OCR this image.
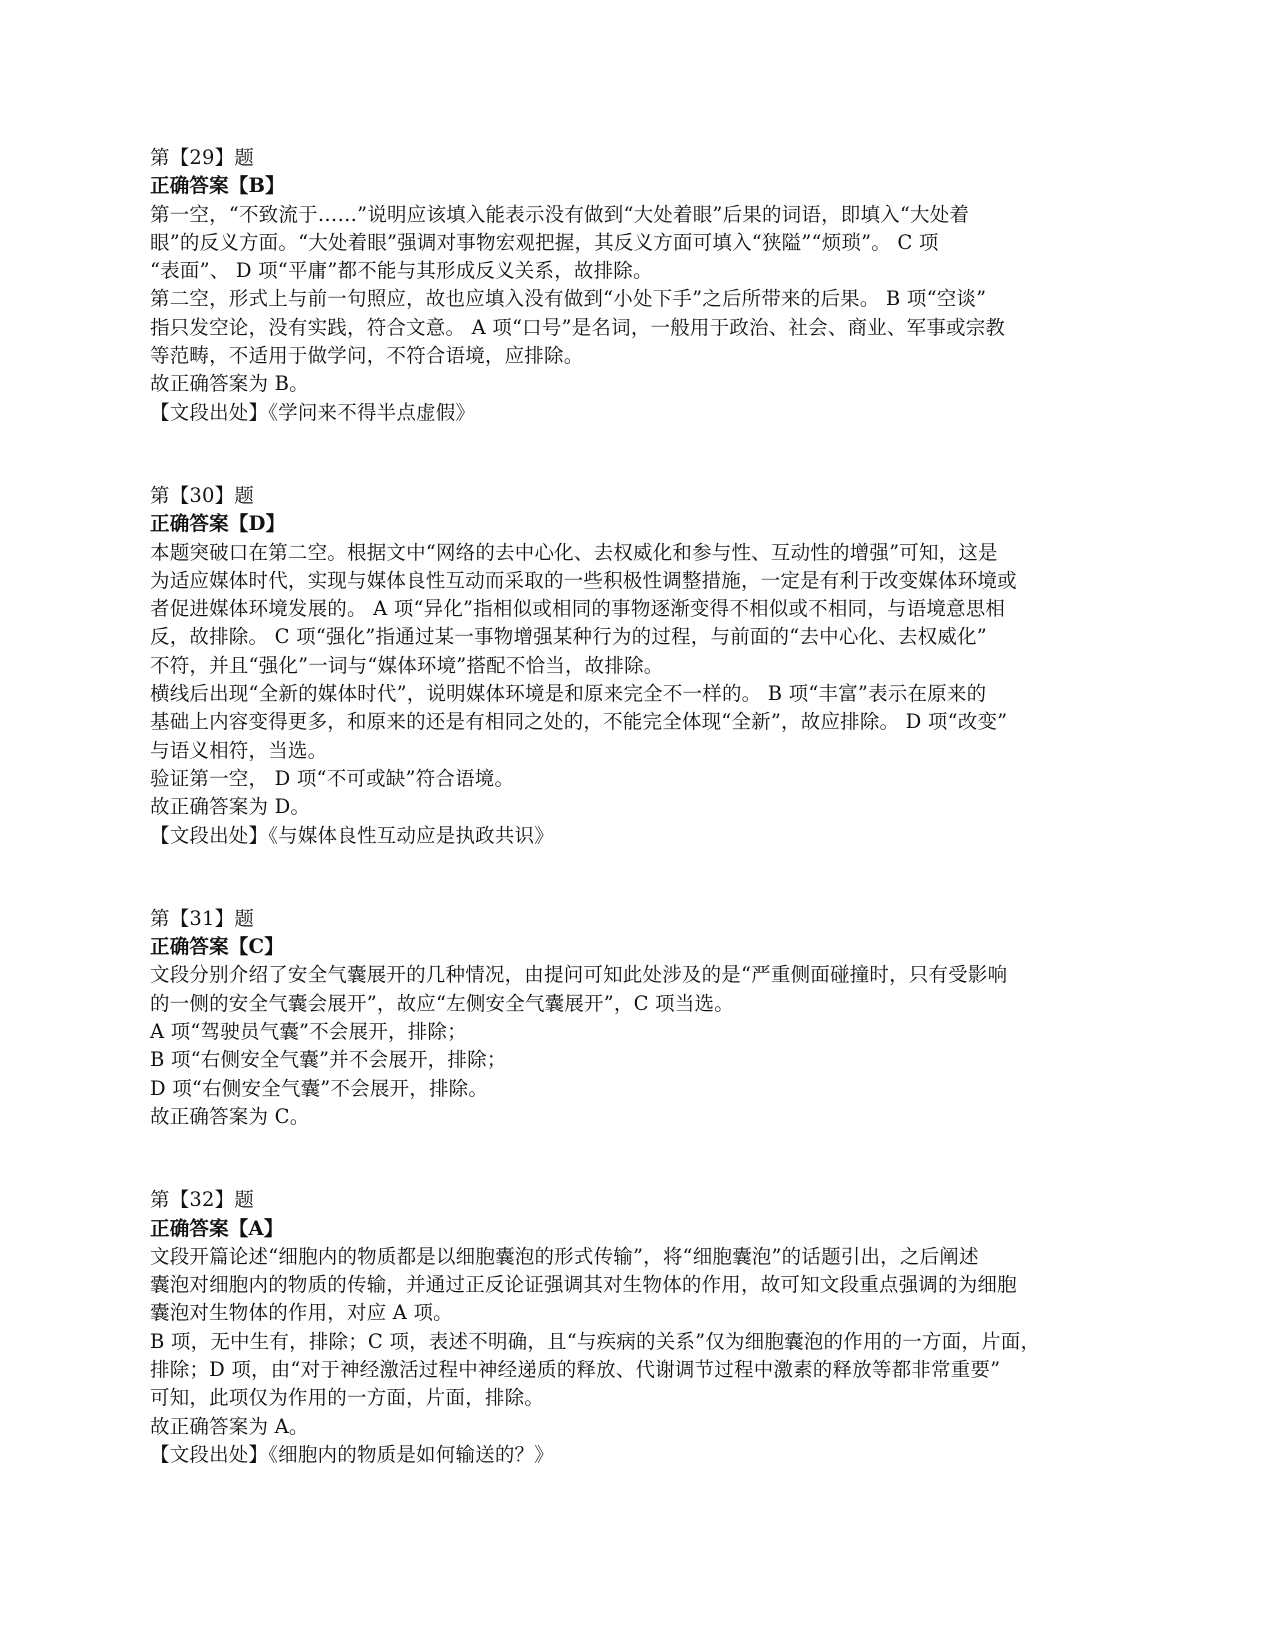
第【29】题
正确答案【B】
第一空，“不致流于……”说明应该填入能表示没有做到“大处着眼”后果的词语，即填入“大处着
眼”的反义方面。“大处着眼”强调对事物宏观把握，其反义方面可填入“狭隘”“烦琐”。 C 项
“表面”、 D 项“平庸”都不能与其形成反义关系，故排除。
第二空，形式上与前一句照应，故也应填入没有做到“小处下手”之后所带来的后果。 B 项“空谈”
指只发空论，没有实践，符合文意。 A 项“口号”是名词，一般用于政治、社会、商业、军事或宗教
等范畴，不适用于做学问，不符合语境，应排除。
故正确答案为 B。
【文段出处】《学问来不得半点虚假》
第【30】题
正确答案【D】
本题突破口在第二空。根据文中“网络的去中心化、去权威化和参与性、互动性的增强”可知，这是
为适应媒体时代，实现与媒体良性互动而采取的一些积极性调整措施，一定是有利于改变媒体环境或
者促进媒体环境发展的。 A 项“异化”指相似或相同的事物逐渐变得不相似或不相同，与语境意思相
反，故排除。 C 项“强化”指通过某一事物增强某种行为的过程，与前面的“去中心化、去权威化”
不符，并且“强化”一词与“媒体环境”搭配不恰当，故排除。
横线后出现“全新的媒体时代”，说明媒体环境是和原来完全不一样的。 B 项“丰富”表示在原来的
基础上内容变得更多，和原来的还是有相同之处的，不能完全体现“全新”，故应排除。 D 项“改变”
与语义相符，当选。
验证第一空， D 项“不可或缺”符合语境。
故正确答案为 D。
【文段出处】《与媒体良性互动应是执政共识》
第【31】题
正确答案【C】
文段分别介绍了安全气囊展开的几种情况，由提问可知此处涉及的是“严重侧面碰撞时，只有受影响
的一侧的安全气囊会展开”，故应“左侧安全气囊展开”，C 项当选。
A 项“驾驶员气囊”不会展开，排除；
B 项“右侧安全气囊”并不会展开，排除；
D 项“右侧安全气囊”不会展开，排除。
故正确答案为 C。
第【32】题
正确答案【A】
文段开篇论述“细胞内的物质都是以细胞囊泡的形式传输”，将“细胞囊泡”的话题引出，之后阐述
囊泡对细胞内的物质的传输，并通过正反论证强调其对生物体的作用，故可知文段重点强调的为细胞
囊泡对生物体的作用，对应 A 项。
B 项，无中生有，排除；C 项，表述不明确，且“与疾病的关系”仅为细胞囊泡的作用的一方面，片面，
排除；D 项，由“对于神经激活过程中神经递质的释放、代谢调节过程中激素的释放等都非常重要”
可知，此项仅为作用的一方面，片面，排除。
故正确答案为 A。
【文段出处】《细胞内的物质是如何输送的？》
